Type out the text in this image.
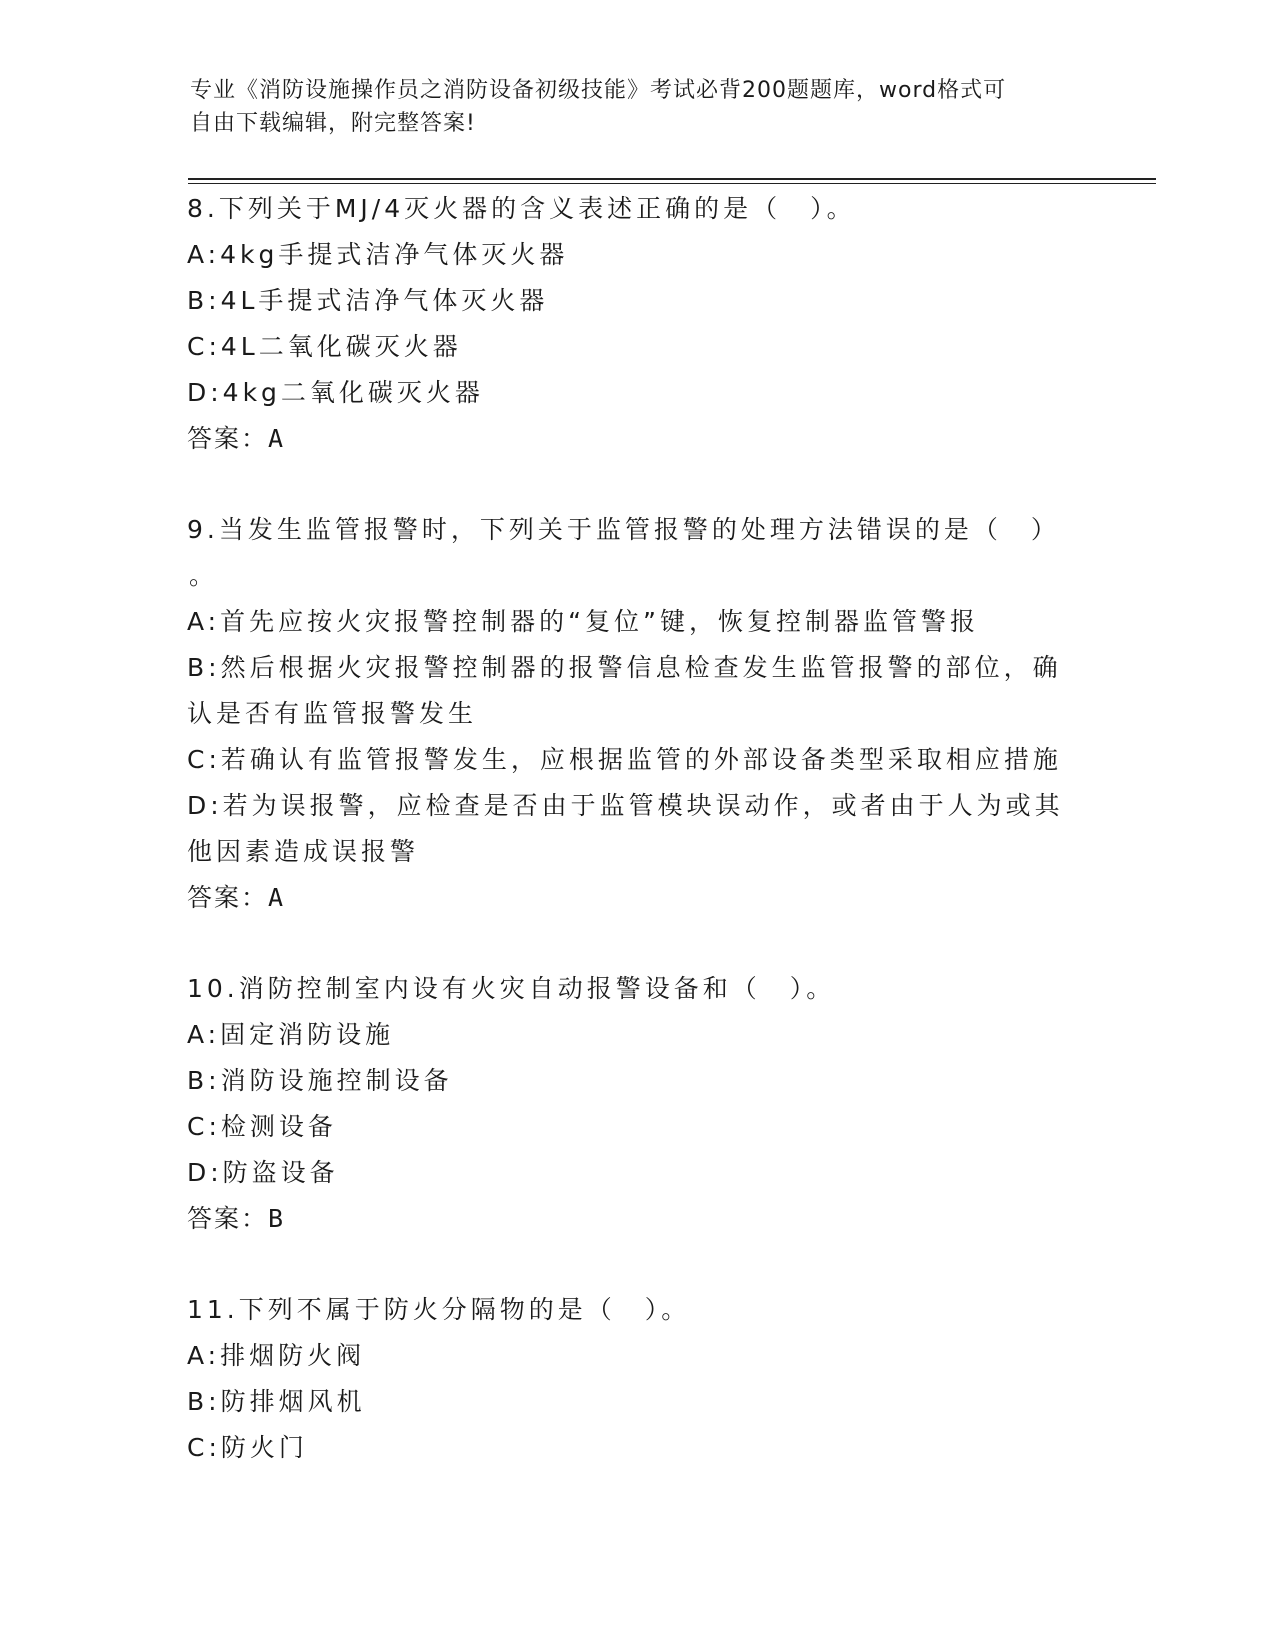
专业《消防设施操作员之消防设备初级技能》考试必背200题题库，word格式可

自由下载编辑，附完整答案!

8.下列关于MJ/4灭火器的含义表述正确的是（　）。

A:4kg手提式洁净气体灭火器

B:4L手提式洁净气体灭火器

C:4L二氧化碳灭火器

D:4kg二氧化碳灭火器

答案：A

9.当发生监管报警时，下列关于监管报警的处理方法错误的是（　）

。

A:首先应按火灾报警控制器的“复位”键，恢复控制器监管警报

B:然后根据火灾报警控制器的报警信息检查发生监管报警的部位，确

认是否有监管报警发生

C:若确认有监管报警发生，应根据监管的外部设备类型采取相应措施

D:若为误报警，应检查是否由于监管模块误动作，或者由于人为或其

他因素造成误报警

答案：A

10.消防控制室内设有火灾自动报警设备和（　）。

A:固定消防设施

B:消防设施控制设备

C:检测设备

D:防盗设备

答案：B

11.下列不属于防火分隔物的是（　）。

A:排烟防火阀

B:防排烟风机

C:防火门
